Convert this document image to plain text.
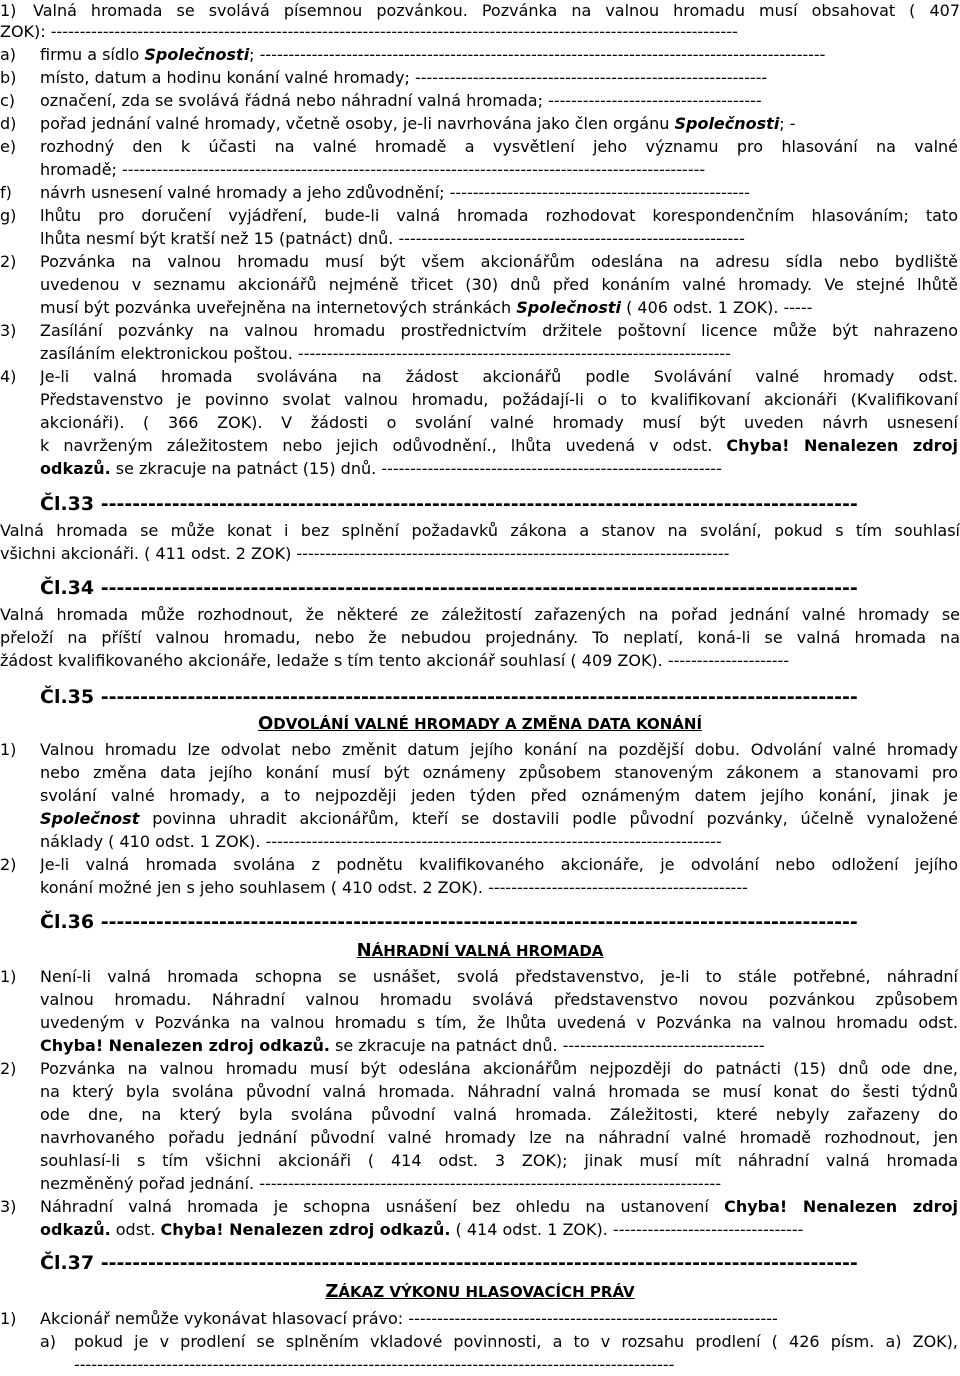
1) Valná hromada se svolává písemnou pozvánkou. Pozvánka na valnou hromadu musí obsahovat ( 407
ZOK): -----------------------------------------------------------------------------------------------------------------------
a) firmu a sídlo Společnosti; --------------------------------------------------------------------------------------------------
b) místo, datum a hodinu konání valné hromady; -------------------------------------------------------------
c) označení, zda se svolává řádná nebo náhradní valná hromada; -------------------------------------
d) pořad jednání valné hromady, včetně osoby, je-li navrhována jako člen orgánu Společnosti; -
e) rozhodný den k účasti na valné hromadě a vysvětlení jeho významu pro hlasování na valné
hromadě; -----------------------------------------------------------------------------------------------------
f) návrh usnesení valné hromady a jeho zdůvodnění; ----------------------------------------------------
g) lhůtu pro doručení vyjádření, bude-li valná hromada rozhodovat korespondenčním hlasováním; tato
lhůta nesmí být kratší než 15 (patnáct) dnů. ------------------------------------------------------------
2) Pozvánka na valnou hromadu musí být všem akcionářům odeslána na adresu sídla nebo bydliště
uvedenou v seznamu akcionářů nejméně třicet (30) dnů před konáním valné hromady. Ve stejné lhůtě
musí být pozvánka uveřejněna na internetových stránkách Společnosti ( 406 odst. 1 ZOK). -----
3) Zasílání pozvánky na valnou hromadu prostřednictvím držitele poštovní licence může být nahrazeno
zasíláním elektronickou poštou. ---------------------------------------------------------------------------
4) Je-li valná hromada svolávána na žádost akcionářů podle Svolávání valné hromady odst.
Představenstvo je povinno svolat valnou hromadu, požádají-li o to kvalifikovaní akcionáři (Kvalifikovaní
akcionáři). ( 366 ZOK). V žádosti o svolání valné hromady musí být uveden návrh usnesení
k navrženým záležitostem nebo jejich odůvodnění., lhůta uvedená v odst. Chyba! Nenalezen zdroj
odkazů. se zkracuje na patnáct (15) dnů. -----------------------------------------------------------
Valná hromada se může konat i bez splnění požadavků zákona a stanov na svolání, pokud s tím souhlasí
všichni akcionáři. ( 411 odst. 2 ZOK) ---------------------------------------------------------------------------
Valná hromada může rozhodnout, že některé ze záležitostí zařazených na pořad jednání valné hromady se
přeloží na příští valnou hromadu, nebo že nebudou projednány. To neplatí, koná-li se valná hromada na
žádost kvalifikovaného akcionáře, ledaže s tím tento akcionář souhlasí ( 409 ZOK). ---------------------
1) Valnou hromadu lze odvolat nebo změnit datum jejího konání na pozdější dobu. Odvolání valné hromady
nebo změna data jejího konání musí být oznámeny způsobem stanoveným zákonem a stanovami pro
svolání valné hromady, a to nejpozději jeden týden před oznámeným datem jejího konání, jinak je
Společnost povinna uhradit akcionářům, kteří se dostavili podle původní pozvánky, účelně vynaložené
náklady ( 410 odst. 1 ZOK). -------------------------------------------------------------------------------
2) Je-li valná hromada svolána z podnětu kvalifikovaného akcionáře, je odvolání nebo odložení jejího
konání možné jen s jeho souhlasem ( 410 odst. 2 ZOK). ---------------------------------------------
1) Není-li valná hromada schopna se usnášet, svolá představenstvo, je-li to stále potřebné, náhradní
valnou hromadu. Náhradní valnou hromadu svolává představenstvo novou pozvánkou způsobem
uvedeným v Pozvánka na valnou hromadu s tím, že lhůta uvedená v Pozvánka na valnou hromadu odst.
Chyba! Nenalezen zdroj odkazů. se zkracuje na patnáct dnů. -----------------------------------
2) Pozvánka na valnou hromadu musí být odeslána akcionářům nejpozději do patnácti (15) dnů ode dne,
na který byla svolána původní valná hromada. Náhradní valná hromada se musí konat do šesti týdnů
ode dne, na který byla svolána původní valná hromada. Záležitosti, které nebyly zařazeny do
navrhovaného pořadu jednání původní valné hromady lze na náhradní valné hromadě rozhodnout, jen
souhlasí-li s tím všichni akcionáři ( 414 odst. 3 ZOK); jinak musí mít náhradní valná hromada
nezměněný pořad jednání. --------------------------------------------------------------------------------
3) Náhradní valná hromada je schopna usnášení bez ohledu na ustanovení Chyba! Nenalezen zdroj
odkazů. odst. Chyba! Nenalezen zdroj odkazů. ( 414 odst. 1 ZOK). ---------------------------------
1) Akcionář nemůže vykonávat hlasovací právo: ----------------------------------------------------------------
a) pokud je v prodlení se splněním vkladové povinnosti, a to v rozsahu prodlení ( 426 písm. a) ZOK),
--------------------------------------------------------------------------------------------------------
Čl.33 ------------------------------------------------------------------------------------------------
Čl.34 ------------------------------------------------------------------------------------------------
Čl.35 ------------------------------------------------------------------------------------------------
Čl.36 ------------------------------------------------------------------------------------------------
Čl.37 ------------------------------------------------------------------------------------------------
ODVOLÁNÍ VALNÉ HROMADY A ZMĚNA DATA KONÁNÍ
NÁHRADNÍ VALNÁ HROMADA
ZÁKAZ VÝKONU HLASOVACÍCH PRÁV
